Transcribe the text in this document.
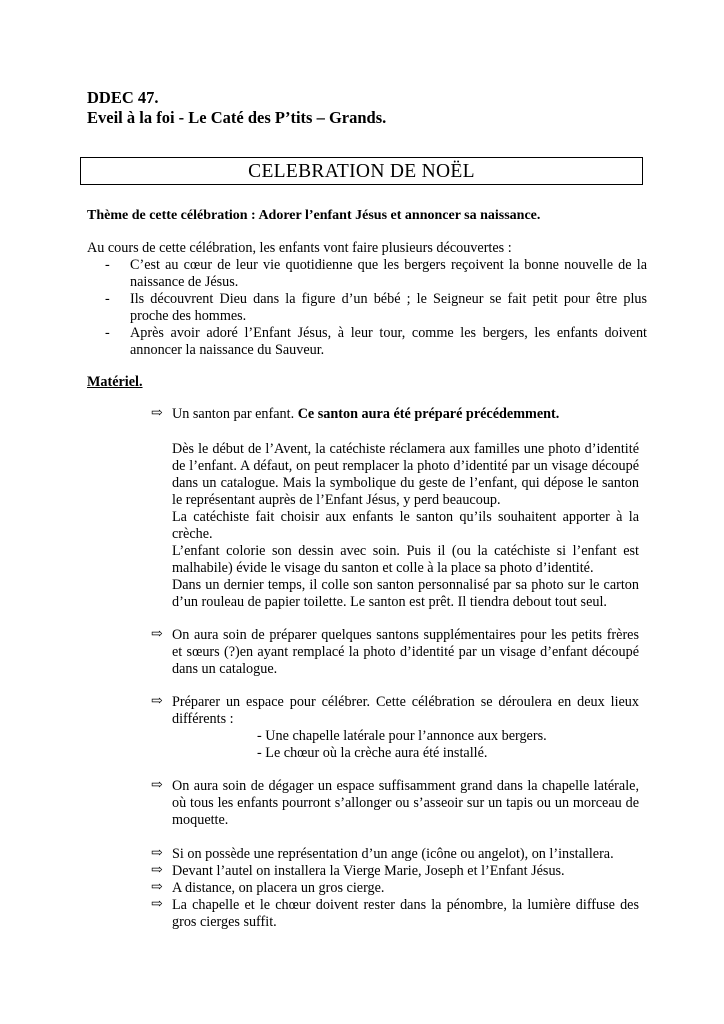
DDEC 47.
Eveil à la foi - Le Caté des P’tits – Grands.
CELEBRATION DE NOËL
Thème de cette célébration : Adorer l’enfant Jésus et annoncer sa naissance.
Au cours de cette célébration, les enfants vont faire plusieurs découvertes :
- C’est au cœur de leur vie quotidienne que les bergers reçoivent la bonne nouvelle de la naissance de Jésus.
- Ils découvrent Dieu dans la figure d’un bébé ; le Seigneur se fait petit pour être plus proche des hommes.
- Après avoir adoré l’Enfant Jésus, à leur tour, comme les bergers, les enfants doivent annoncer la naissance du Sauveur.
Matériel.
⇨ Un santon par enfant. Ce santon aura été préparé précédemment.
Dès le début de l’Avent, la catéchiste réclamera aux familles une photo d’identité de l’enfant. A défaut, on peut remplacer la photo d’identité par un visage découpé dans un catalogue. Mais la symbolique du geste de l’enfant, qui dépose le santon le représentant auprès de l’Enfant Jésus, y perd beaucoup.
La catéchiste fait choisir aux enfants le santon qu’ils souhaitent apporter à la crèche.
L’enfant colorie son dessin avec soin. Puis il (ou la catéchiste si l’enfant est malhabile) évide le visage du santon et colle à la place sa photo d’identité.
Dans un dernier temps, il colle son santon personnalisé par sa photo sur le carton d’un rouleau de papier toilette. Le santon est prêt. Il tiendra debout tout seul.
⇨ On aura soin de préparer quelques santons supplémentaires pour les petits frères et sœurs (?)en ayant remplacé la photo d’identité par un visage d’enfant découpé dans un catalogue.
⇨ Préparer un espace pour célébrer. Cette célébration se déroulera en deux lieux différents :
- Une chapelle latérale pour l’annonce aux bergers.
- Le chœur où la crèche aura été installé.
⇨ On aura soin de dégager un espace suffisamment grand dans la chapelle latérale, où tous les enfants pourront s’allonger ou s’asseoir sur un tapis ou un morceau de moquette.
⇨ Si on possède une représentation d’un ange (icône ou angelot), on l’installera.
⇨ Devant l’autel on installera la Vierge Marie, Joseph et l’Enfant Jésus.
⇨ A distance, on placera un gros cierge.
⇨ La chapelle et le chœur doivent rester dans la pénombre, la lumière diffuse des gros cierges suffit.
